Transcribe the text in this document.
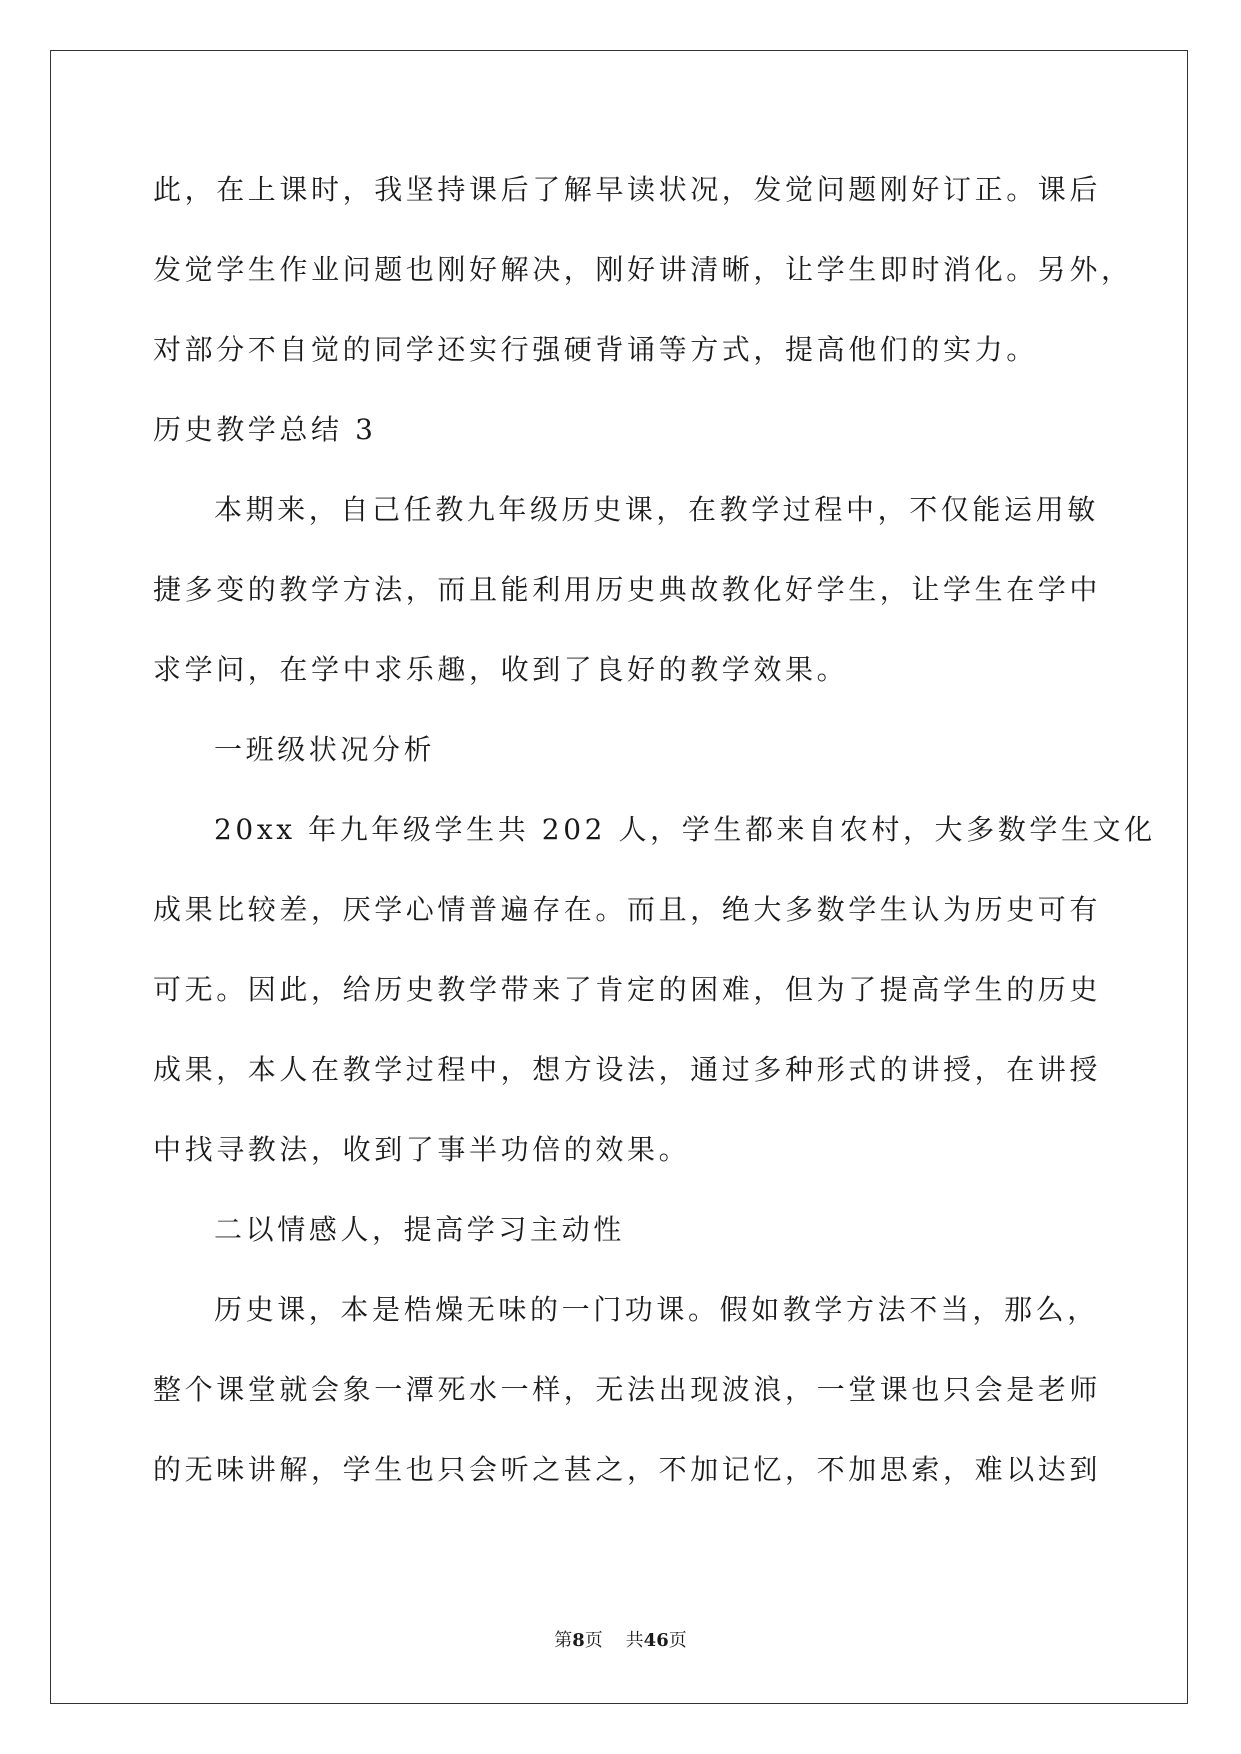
此，在上课时，我坚持课后了解早读状况，发觉问题刚好订正。课后
发觉学生作业问题也刚好解决，刚好讲清晰，让学生即时消化。另外，
对部分不自觉的同学还实行强硬背诵等方式，提高他们的实力。
历史教学总结 3
本期来，自己任教九年级历史课，在教学过程中，不仅能运用敏
捷多变的教学方法，而且能利用历史典故教化好学生，让学生在学中
求学问，在学中求乐趣，收到了良好的教学效果。
一班级状况分析
20xx 年九年级学生共 202 人，学生都来自农村，大多数学生文化
成果比较差，厌学心情普遍存在。而且，绝大多数学生认为历史可有
可无。因此，给历史教学带来了肯定的困难，但为了提高学生的历史
成果，本人在教学过程中，想方设法，通过多种形式的讲授，在讲授
中找寻教法，收到了事半功倍的效果。
二以情感人，提高学习主动性
历史课，本是梏燥无味的一门功课。假如教学方法不当，那么，
整个课堂就会象一潭死水一样，无法出现波浪，一堂课也只会是老师
的无味讲解，学生也只会听之甚之，不加记忆，不加思索，难以达到
第8页 共46页
